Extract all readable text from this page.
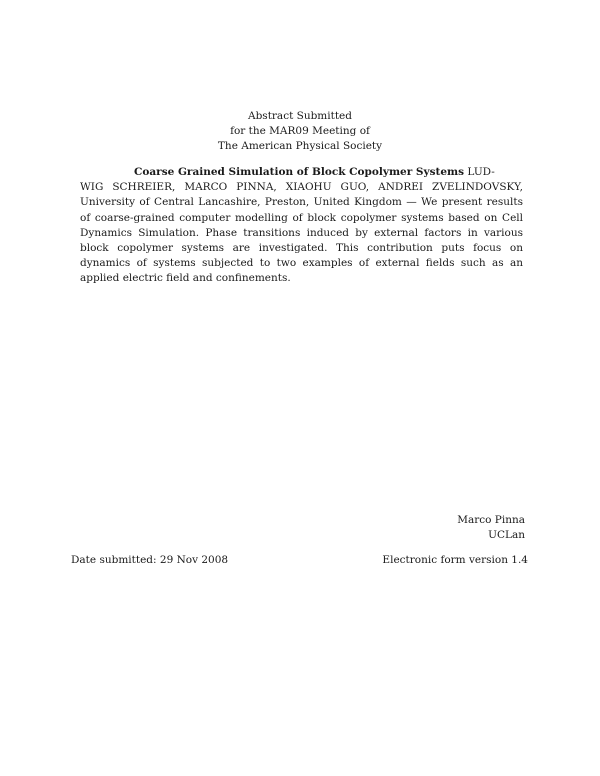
Abstract Submitted
for the MAR09 Meeting of
The American Physical Society
Coarse Grained Simulation of Block Copolymer Systems LUD-
WIG SCHREIER, MARCO PINNA, XIAOHU GUO, ANDREI ZVELINDOVSKY, University of Central Lancashire, Preston, United Kingdom — We present results of coarse-grained computer modelling of block copolymer systems based on Cell Dynamics Simulation. Phase transitions induced by external factors in various block copolymer systems are investigated. This contribution puts focus on dynamics of systems subjected to two examples of external fields such as an applied electric field and confinements.
Marco Pinna
UCLan
Date submitted: 29 Nov 2008	Electronic form version 1.4
